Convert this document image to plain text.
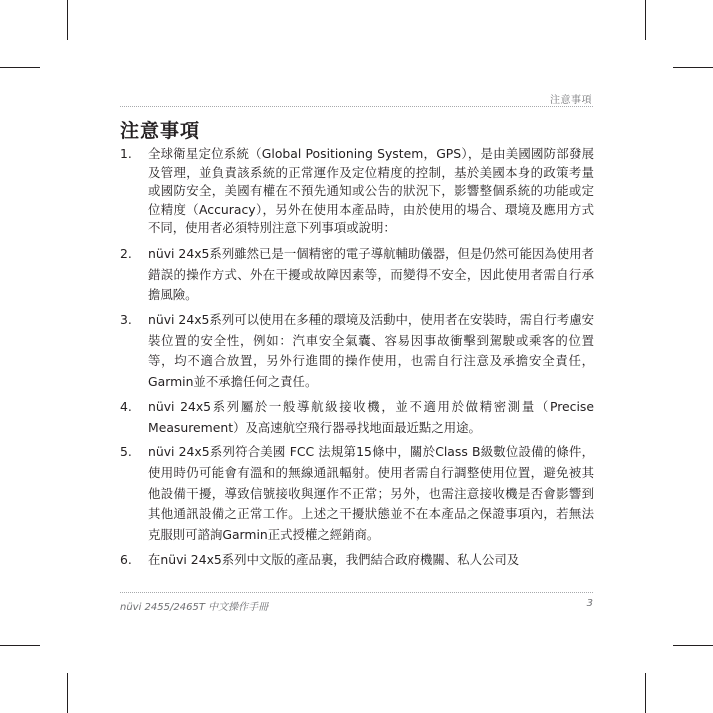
注意事項
注意事項
1. 全球衛星定位系統（Global Positioning System，GPS），是由美國國防部發展及管理，並負責該系統的正常運作及定位精度的控制，基於美國本身的政策考量或國防安全，美國有權在不預先通知或公告的狀況下，影響整個系統的功能或定位精度（Accuracy），另外在使用本產品時，由於使用的場合、環境及應用方式不同，使用者必須特別注意下列事項或說明：
2. nüvi 24x5系列雖然已是一個精密的電子導航輔助儀器，但是仍然可能因為使用者錯誤的操作方式、外在干擾或故障因素等，而變得不安全，因此使用者需自行承擔風險。
3. nüvi 24x5系列可以使用在多種的環境及活動中，使用者在安裝時，需自行考慮安裝位置的安全性，例如：汽車安全氣囊、容易因事故衝擊到駕駛或乘客的位置等，均不適合放置，另外行進間的操作使用，也需自行注意及承擔安全責任，Garmin並不承擔任何之責任。
4. nüvi 24x5系列屬於一般導航級接收機，並不適用於做精密測量（Precise Measurement）及高速航空飛行器尋找地面最近點之用途。
5. nüvi 24x5系列符合美國 FCC 法規第15條中，關於Class B級數位設備的條件，使用時仍可能會有溫和的無線通訊輻射。使用者需自行調整使用位置，避免被其他設備干擾，導致信號接收與運作不正常；另外，也需注意接收機是否會影響到其他通訊設備之正常工作。上述之干擾狀態並不在本產品之保證事項內，若無法克服則可諮詢Garmin正式授權之經銷商。
6. 在nüvi 24x5系列中文版的產品裏，我們結合政府機關、私人公司及
nüvi 2455/2465T 中文操作手冊	3
